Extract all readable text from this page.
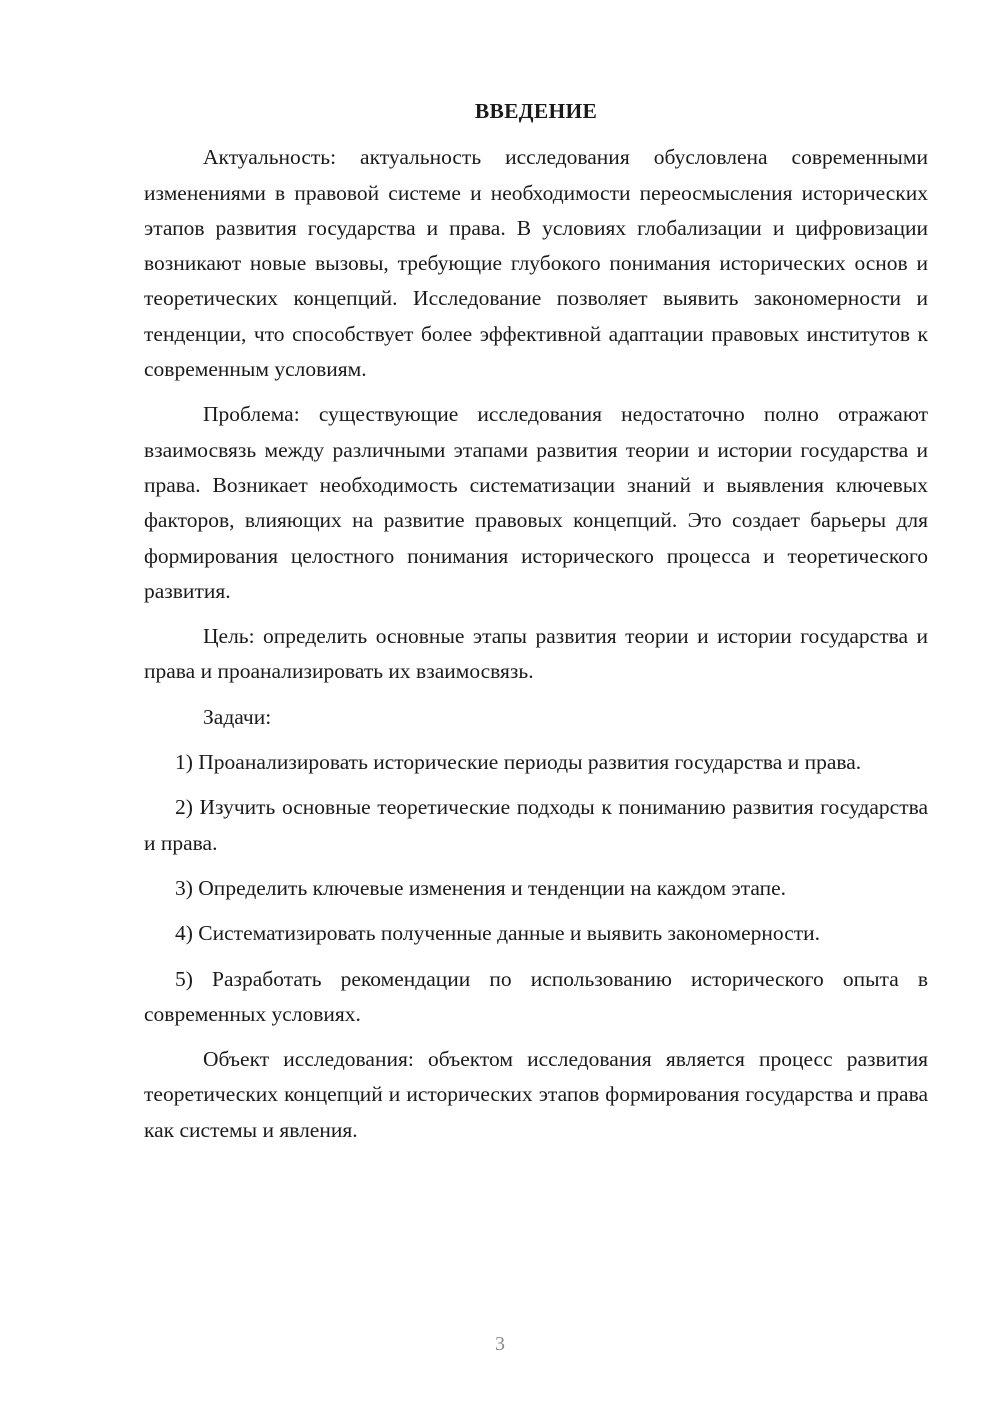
ВВЕДЕНИЕ

Актуальность: актуальность исследования обусловлена современными изменениями в правовой системе и необходимости переосмысления исторических этапов развития государства и права. В условиях глобализации и цифровизации возникают новые вызовы, требующие глубокого понимания исторических основ и теоретических концепций. Исследование позволяет выявить закономерности и тенденции, что способствует более эффективной адаптации правовых институтов к современным условиям.

Проблема: существующие исследования недостаточно полно отражают взаимосвязь между различными этапами развития теории и истории государства и права. Возникает необходимость систематизации знаний и выявления ключевых факторов, влияющих на развитие правовых концепций. Это создает барьеры для формирования целостного понимания исторического процесса и теоретического развития.

Цель: определить основные этапы развития теории и истории государства и права и проанализировать их взаимосвязь.

Задачи:

1) Проанализировать исторические периоды развития государства и права.

2) Изучить основные теоретические подходы к пониманию развития государства и права.

3) Определить ключевые изменения и тенденции на каждом этапе.

4) Систематизировать полученные данные и выявить закономерности.

5) Разработать рекомендации по использованию исторического опыта в современных условиях.

Объект исследования: объектом исследования является процесс развития теоретических концепций и исторических этапов формирования государства и права как системы и явления.

3
